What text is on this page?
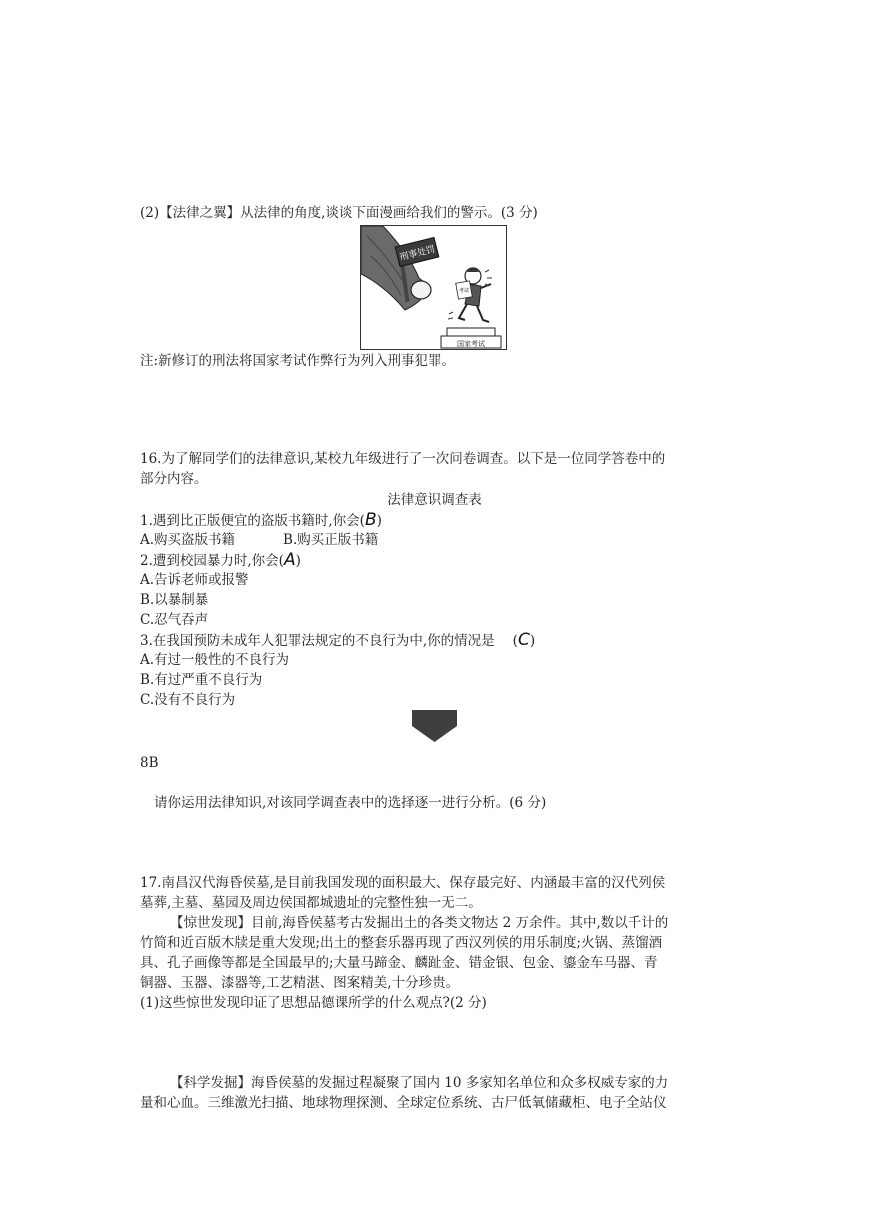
(2)【法律之翼】从法律的角度,谈谈下面漫画给我们的警示。(3 分)
刑事处罚
国家考试
考试
注:新修订的刑法将国家考试作弊行为列入刑事犯罪。
16.为了解同学们的法律意识,某校九年级进行了一次问卷调查。以下是一位同学答卷中的
部分内容。
法律意识调查表
1.遇到比正版便宜的盗版书籍时,你会(B)
A.购买盗版书籍	B.购买正版书籍
2.遭到校园暴力时,你会(A)
A.告诉老师或报警
B.以暴制暴
C.忍气吞声
3.在我国预防未成年人犯罪法规定的不良行为中,你的情况是 (C)
A.有过一般性的不良行为
B.有过严重不良行为
C.没有不良行为
8B
请你运用法律知识,对该同学调查表中的选择逐一进行分析。(6 分)
17.南昌汉代海昏侯墓,是目前我国发现的面积最大、保存最完好、内涵最丰富的汉代列侯
墓葬,主墓、墓园及周边侯国都城遗址的完整性独一无二。
【惊世发现】目前,海昏侯墓考古发掘出土的各类文物达 2 万余件。其中,数以千计的
竹简和近百版木牍是重大发现;出土的整套乐器再现了西汉列侯的用乐制度;火锅、蒸馏酒
具、孔子画像等都是全国最早的;大量马蹄金、麟趾金、错金银、包金、鎏金车马器、青
铜器、玉器、漆器等,工艺精湛、图案精美,十分珍贵。
(1)这些惊世发现印证了思想品德课所学的什么观点?(2 分)
【科学发掘】海昏侯墓的发掘过程凝聚了国内 10 多家知名单位和众多权威专家的力
量和心血。三维激光扫描、地球物理探测、全球定位系统、古尸低氧储藏柜、电子全站仪
